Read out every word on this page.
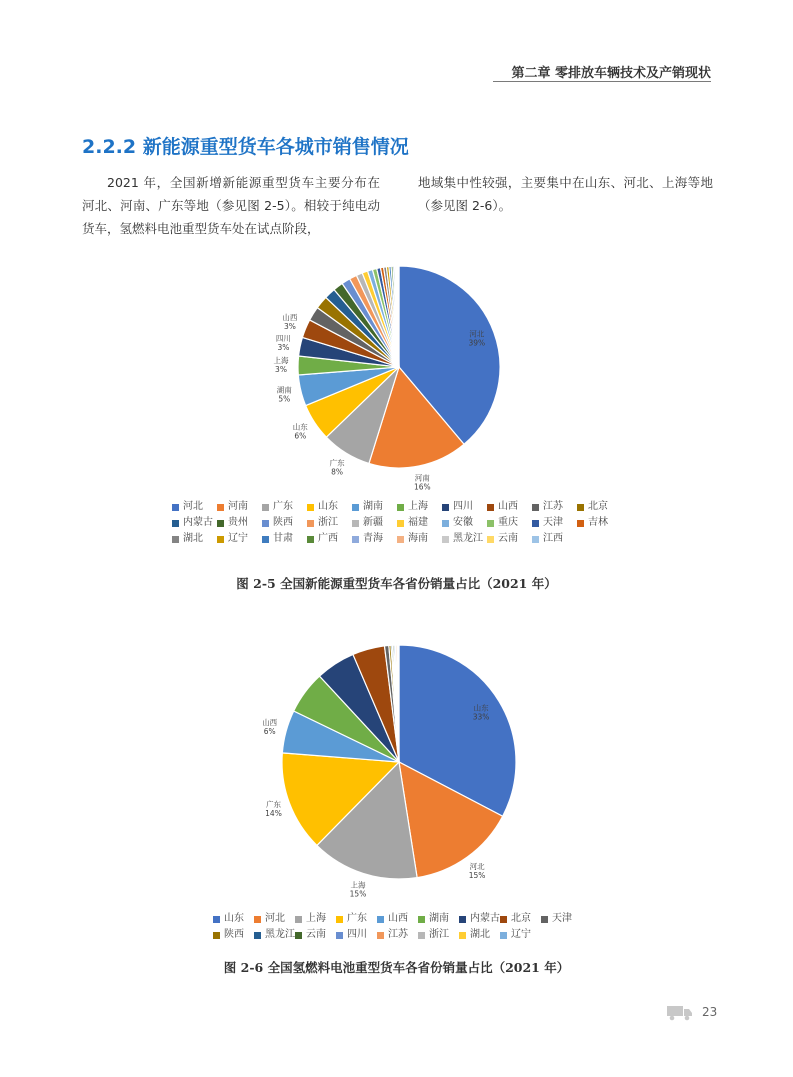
第二章 零排放车辆技术及产销现状
2.2.2 新能源重型货车各城市销售情况
2021 年，全国新增新能源重型货车主要分布在河北、河南、广东等地（参见图 2-5）。相较于纯电动货车，氢燃料电池重型货车处在试点阶段，
地域集中性较强，主要集中在山东、河北、上海等地（参见图 2-6）。
河北
39%
河南
16%
广东
8%
山东
6%
湖南
5%
上海
3%
四川
3%
山西
3%
河北	河南	广东	山东	湖南	上海	四川	山西	江苏	北京
内蒙古 贵州	陕西	浙江	新疆	福建	安徽	重庆	天津	吉林
湖北	辽宁	甘肃	广西	青海	海南	黑龙江 云南	江西
图 2-5 全国新能源重型货车各省份销量占比（2021 年）
山东
33%
河北
15%
上海
15%
广东
14%
山西
6%
山东 河北 上海 广东 山西 湖南 内蒙古 北京 天津
陕西 黑龙江 云南 四川 江苏 浙江 湖北 辽宁
图 2-6 全国氢燃料电池重型货车各省份销量占比（2021 年）
23
